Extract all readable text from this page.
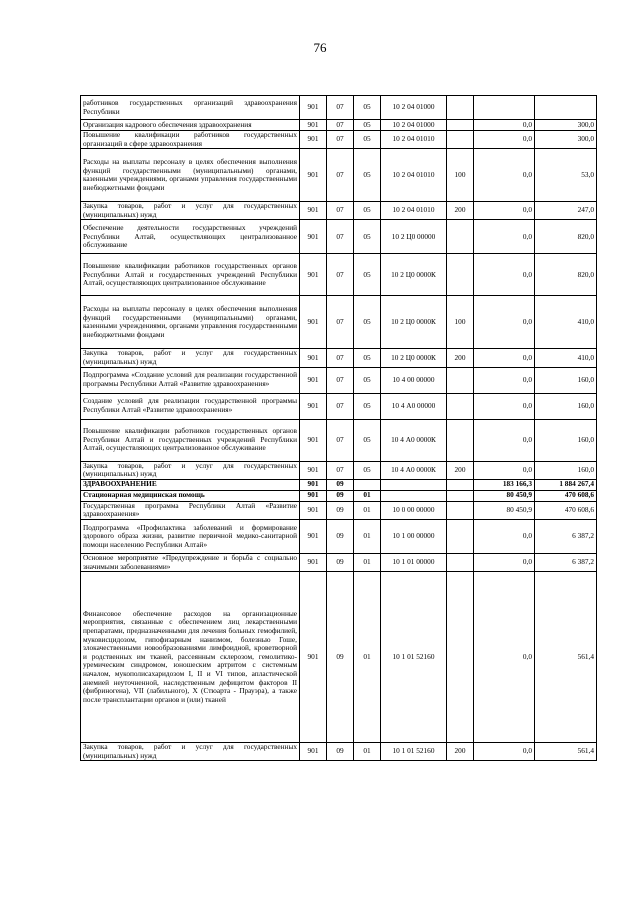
76
работников государственных организаций здравоохранения Республики	901	07	05	10 2 04 01000			
Организация кадрового обеспечения здравоохранения	901	07	05	10 2 04 01000		0,0	300,0
Повышение квалификации работников государственных организаций в сфере здравоохранения	901	07	05	10 2 04 01010		0,0	300,0
Расходы на выплаты персоналу в целях обеспечения выполнения функций государственными (муниципальными) органами, казенными учреждениями, органами управления государственными внебюджетными фондами	901	07	05	10 2 04 01010	100	0,0	53,0
Закупка товаров, работ и услуг для государственных (муниципальных) нужд	901	07	05	10 2 04 01010	200	0,0	247,0
Обеспечение деятельности государственных учреждений Республики Алтай, осуществляющих централизованное обслуживание	901	07	05	10 2 Ц0 00000		0,0	820,0
Повышение квалификации работников государственных органов Республики Алтай и государственных учреждений Республики Алтай, осуществляющих централизованное обслуживание	901	07	05	10 2 Ц0 0000К		0,0	820,0
Расходы на выплаты персоналу в целях обеспечения выполнения функций государственными (муниципальными) органами, казенными учреждениями, органами управления государственными внебюджетными фондами	901	07	05	10 2 Ц0 0000К	100	0,0	410,0
Закупка товаров, работ и услуг для государственных (муниципальных) нужд	901	07	05	10 2 Ц0 0000К	200	0,0	410,0
Подпрограмма «Создание условий для реализации государственной программы Республики Алтай «Развитие здравоохранения»	901	07	05	10 4 00 00000		0,0	160,0
Создание условий для реализации государственной программы Республики Алтай «Развитие здравоохранения»	901	07	05	10 4 А0 00000		0,0	160,0
Повышение квалификации работников государственных органов Республики Алтай и государственных учреждений Республики Алтай, осуществляющих централизованное обслуживание	901	07	05	10 4 А0 0000К		0,0	160,0
Закупка товаров, работ и услуг для государственных (муниципальных) нужд	901	07	05	10 4 А0 0000К	200	0,0	160,0
ЗДРАВООХРАНЕНИЕ	901	09				183 166,3	1 884 267,4
Стационарная медицинская помощь	901	09	01			80 450,9	470 608,6
Государственная программа Республики Алтай «Развитие здравоохранения»	901	09	01	10 0 00 00000		80 450,9	470 608,6
Подпрограмма «Профилактика заболеваний и формирование здорового образа жизни, развитие первичной медико-санитарной помощи населению Республики Алтай»	901	09	01	10 1 00 00000		0,0	6 387,2
Основное мероприятие «Предупреждение и борьба с социально значимыми заболеваниями»	901	09	01	10 1 01 00000		0,0	6 387,2
Финансовое обеспечение расходов на организационные мероприятия, связанные с обеспечением лиц лекарственными препаратами, предназначенными для лечения больных гемофилией, муковисцидозом, гипофизарным нанизмом, болезнью Гоше, злокачественными новообразованиями лимфоидной, кроветворной и родственных им тканей, рассеянным склерозом, гемолитико-уремическим синдромом, юношеским артритом с системным началом, мукополисахаридозом I, II и VI типов, апластической анемией неуточненной, наследственным дефицитом факторов II (фибриногена), VII (лабильного), X (Стюарта - Прауэра), а также после трансплантации органов и (или) тканей	901	09	01	10 1 01 52160		0,0	561,4
Закупка товаров, работ и услуг для государственных (муниципальных) нужд	901	09	01	10 1 01 52160	200	0,0	561,4
